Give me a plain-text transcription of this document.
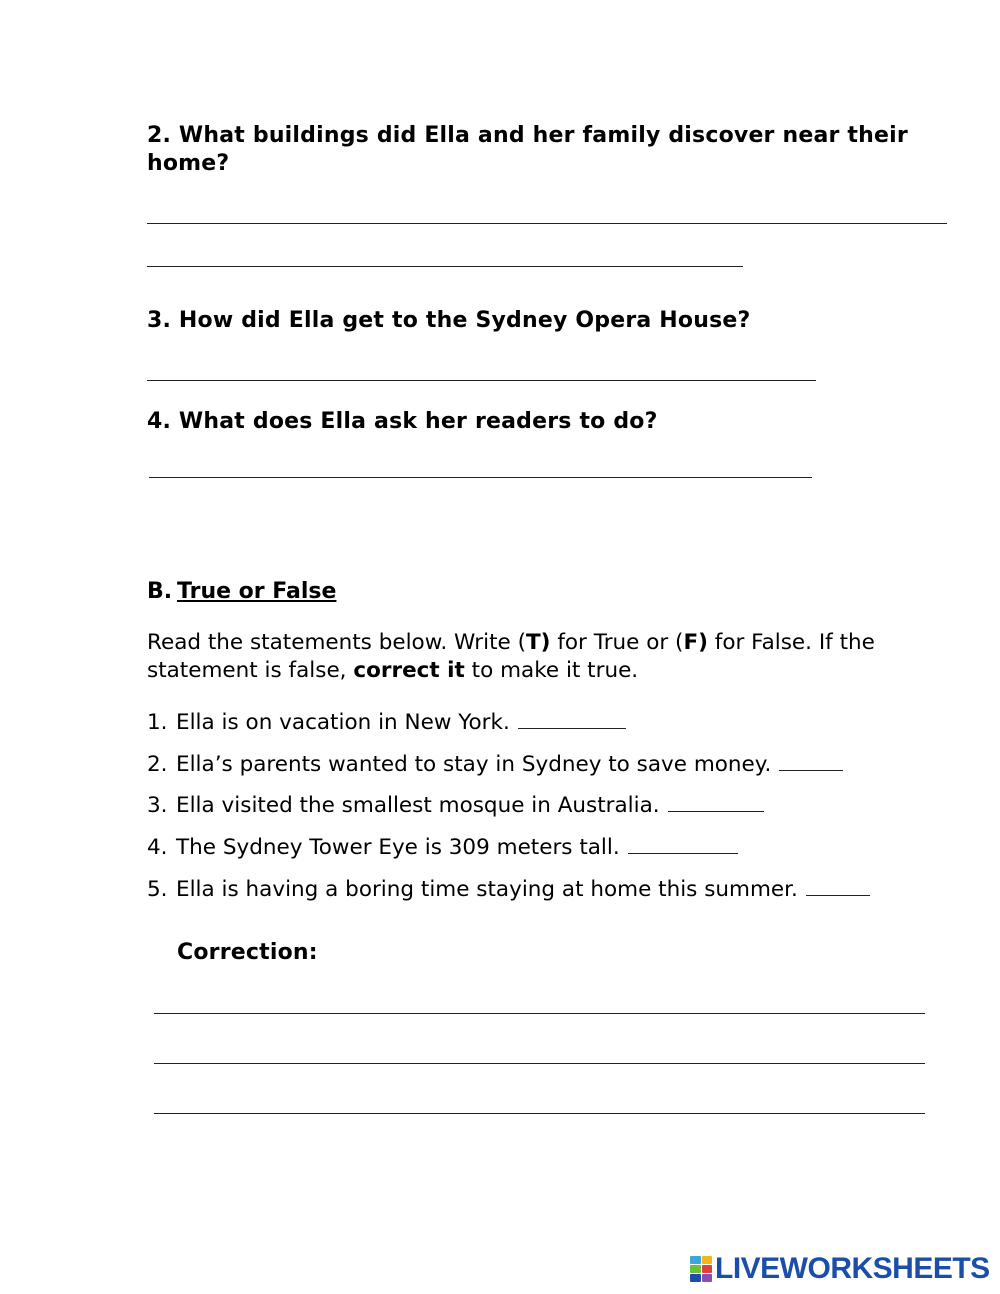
2. What buildings did Ella and her family discover near their home?
3. How did Ella get to the Sydney Opera House?
4. What does Ella ask her readers to do?
B. True or False
Read the statements below. Write (T) for True or (F) for False. If the statement is false, correct it to make it true.
1. Ella is on vacation in New York.
2. Ella’s parents wanted to stay in Sydney to save money.
3. Ella visited the smallest mosque in Australia.
4. The Sydney Tower Eye is 309 meters tall.
5. Ella is having a boring time staying at home this summer.
Correction:
LIVEWORKSHEETS
